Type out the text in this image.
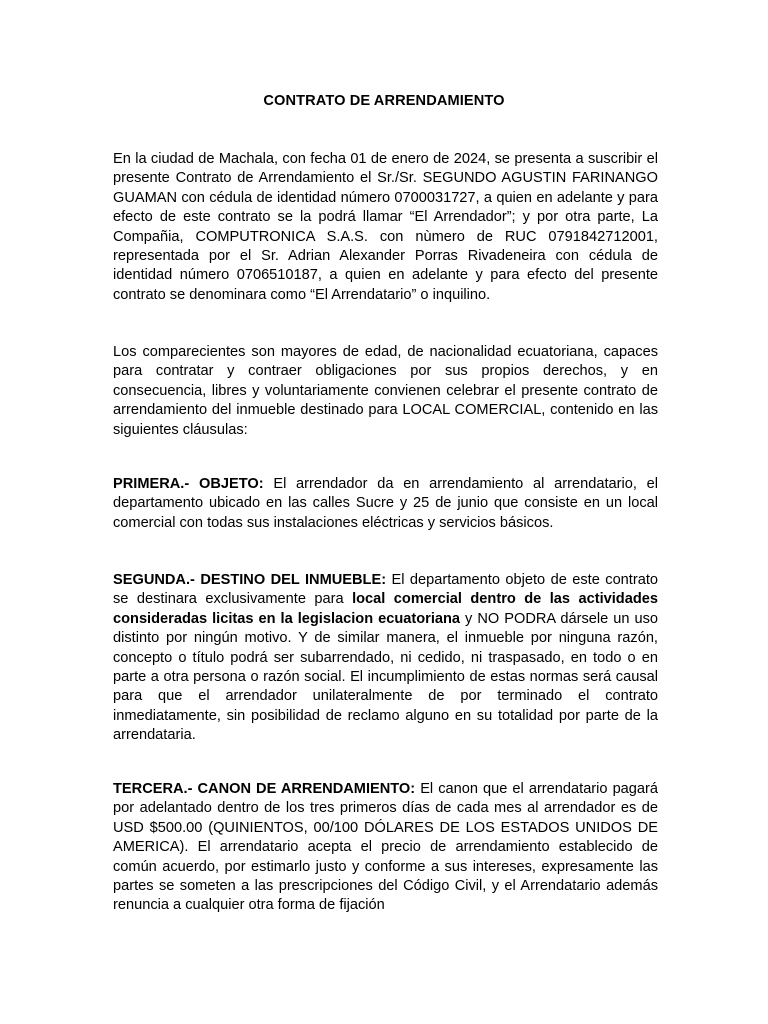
CONTRATO DE ARRENDAMIENTO

En la ciudad de Machala, con fecha 01 de enero de 2024, se presenta a suscribir el presente Contrato de Arrendamiento el Sr./Sr. SEGUNDO AGUSTIN FARINANGO GUAMAN con cédula de identidad número 0700031727, a quien en adelante y para efecto de este contrato se la podrá llamar “El Arrendador”; y por otra parte, La Compañia, COMPUTRONICA S.A.S. con nùmero de RUC 0791842712001, representada por el Sr. Adrian Alexander Porras Rivadeneira con cédula de identidad número 0706510187, a quien en adelante y para efecto del presente contrato se denominara como “El Arrendatario” o inquilino.

Los comparecientes son mayores de edad, de nacionalidad ecuatoriana, capaces para contratar y contraer obligaciones por sus propios derechos, y en consecuencia, libres y voluntariamente convienen celebrar el presente contrato de arrendamiento del inmueble destinado para LOCAL COMERCIAL, contenido en las siguientes cláusulas:

PRIMERA.- OBJETO: El arrendador da en arrendamiento al arrendatario, el departamento ubicado en las calles Sucre y 25 de junio que consiste en un local comercial con todas sus instalaciones eléctricas y servicios básicos.

SEGUNDA.- DESTINO DEL INMUEBLE: El departamento objeto de este contrato se destinara exclusivamente para local comercial dentro de las actividades consideradas licitas en la legislacion ecuatoriana y NO PODRA dársele un uso distinto por ningún motivo. Y de similar manera, el inmueble por ninguna razón, concepto o título podrá ser subarrendado, ni cedido, ni traspasado, en todo o en parte a otra persona o razón social. El incumplimiento de estas normas será causal para que el arrendador unilateralmente de por terminado el contrato inmediatamente, sin posibilidad de reclamo alguno en su totalidad por parte de la arrendataria.

TERCERA.- CANON DE ARRENDAMIENTO: El canon que el arrendatario pagará por adelantado dentro de los tres primeros días de cada mes al arrendador es de USD $500.00 (QUINIENTOS, 00/100 DÓLARES DE LOS ESTADOS UNIDOS DE AMERICA). El arrendatario acepta el precio de arrendamiento establecido de común acuerdo, por estimarlo justo y conforme a sus intereses, expresamente las partes se someten a las prescripciones del Código Civil, y el Arrendatario además renuncia a cualquier otra forma de fijación
